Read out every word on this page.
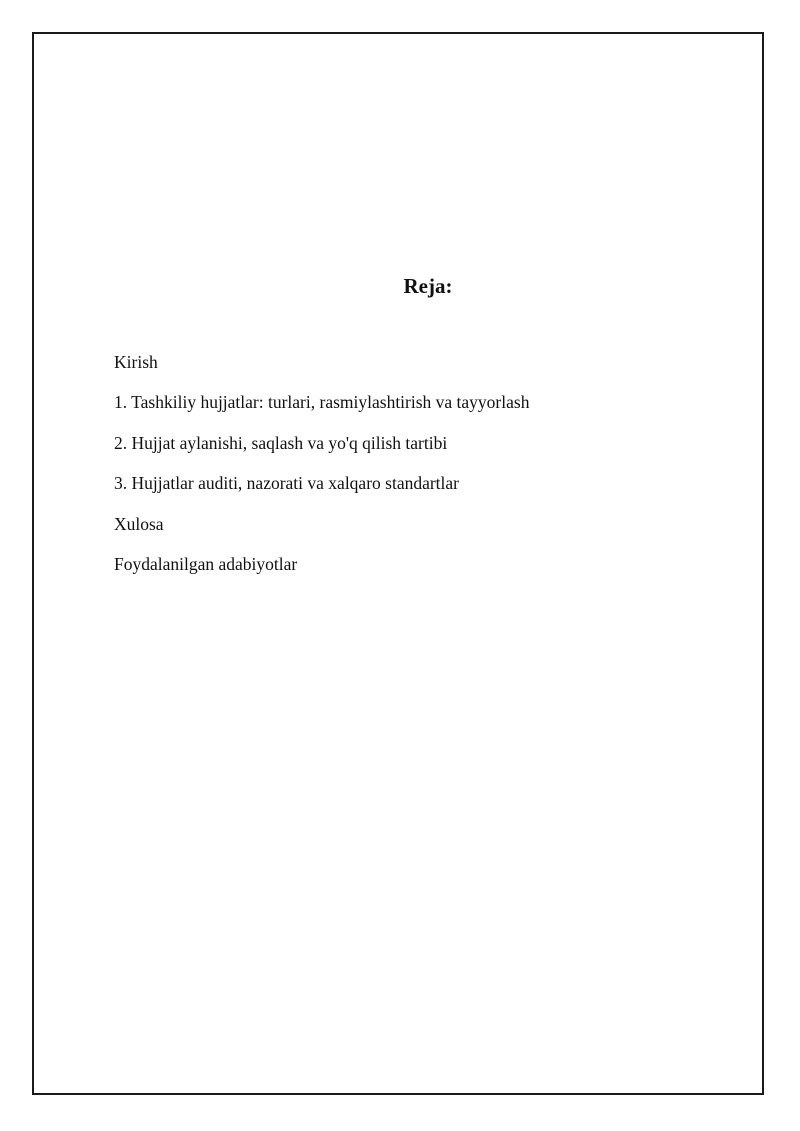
Reja:
Kirish
1. Tashkiliy hujjatlar: turlari, rasmiylashtirish va tayyorlash
2. Hujjat aylanishi, saqlash va yo'q qilish tartibi
3. Hujjatlar auditi, nazorati va xalqaro standartlar
Xulosa
Foydalanilgan adabiyotlar
